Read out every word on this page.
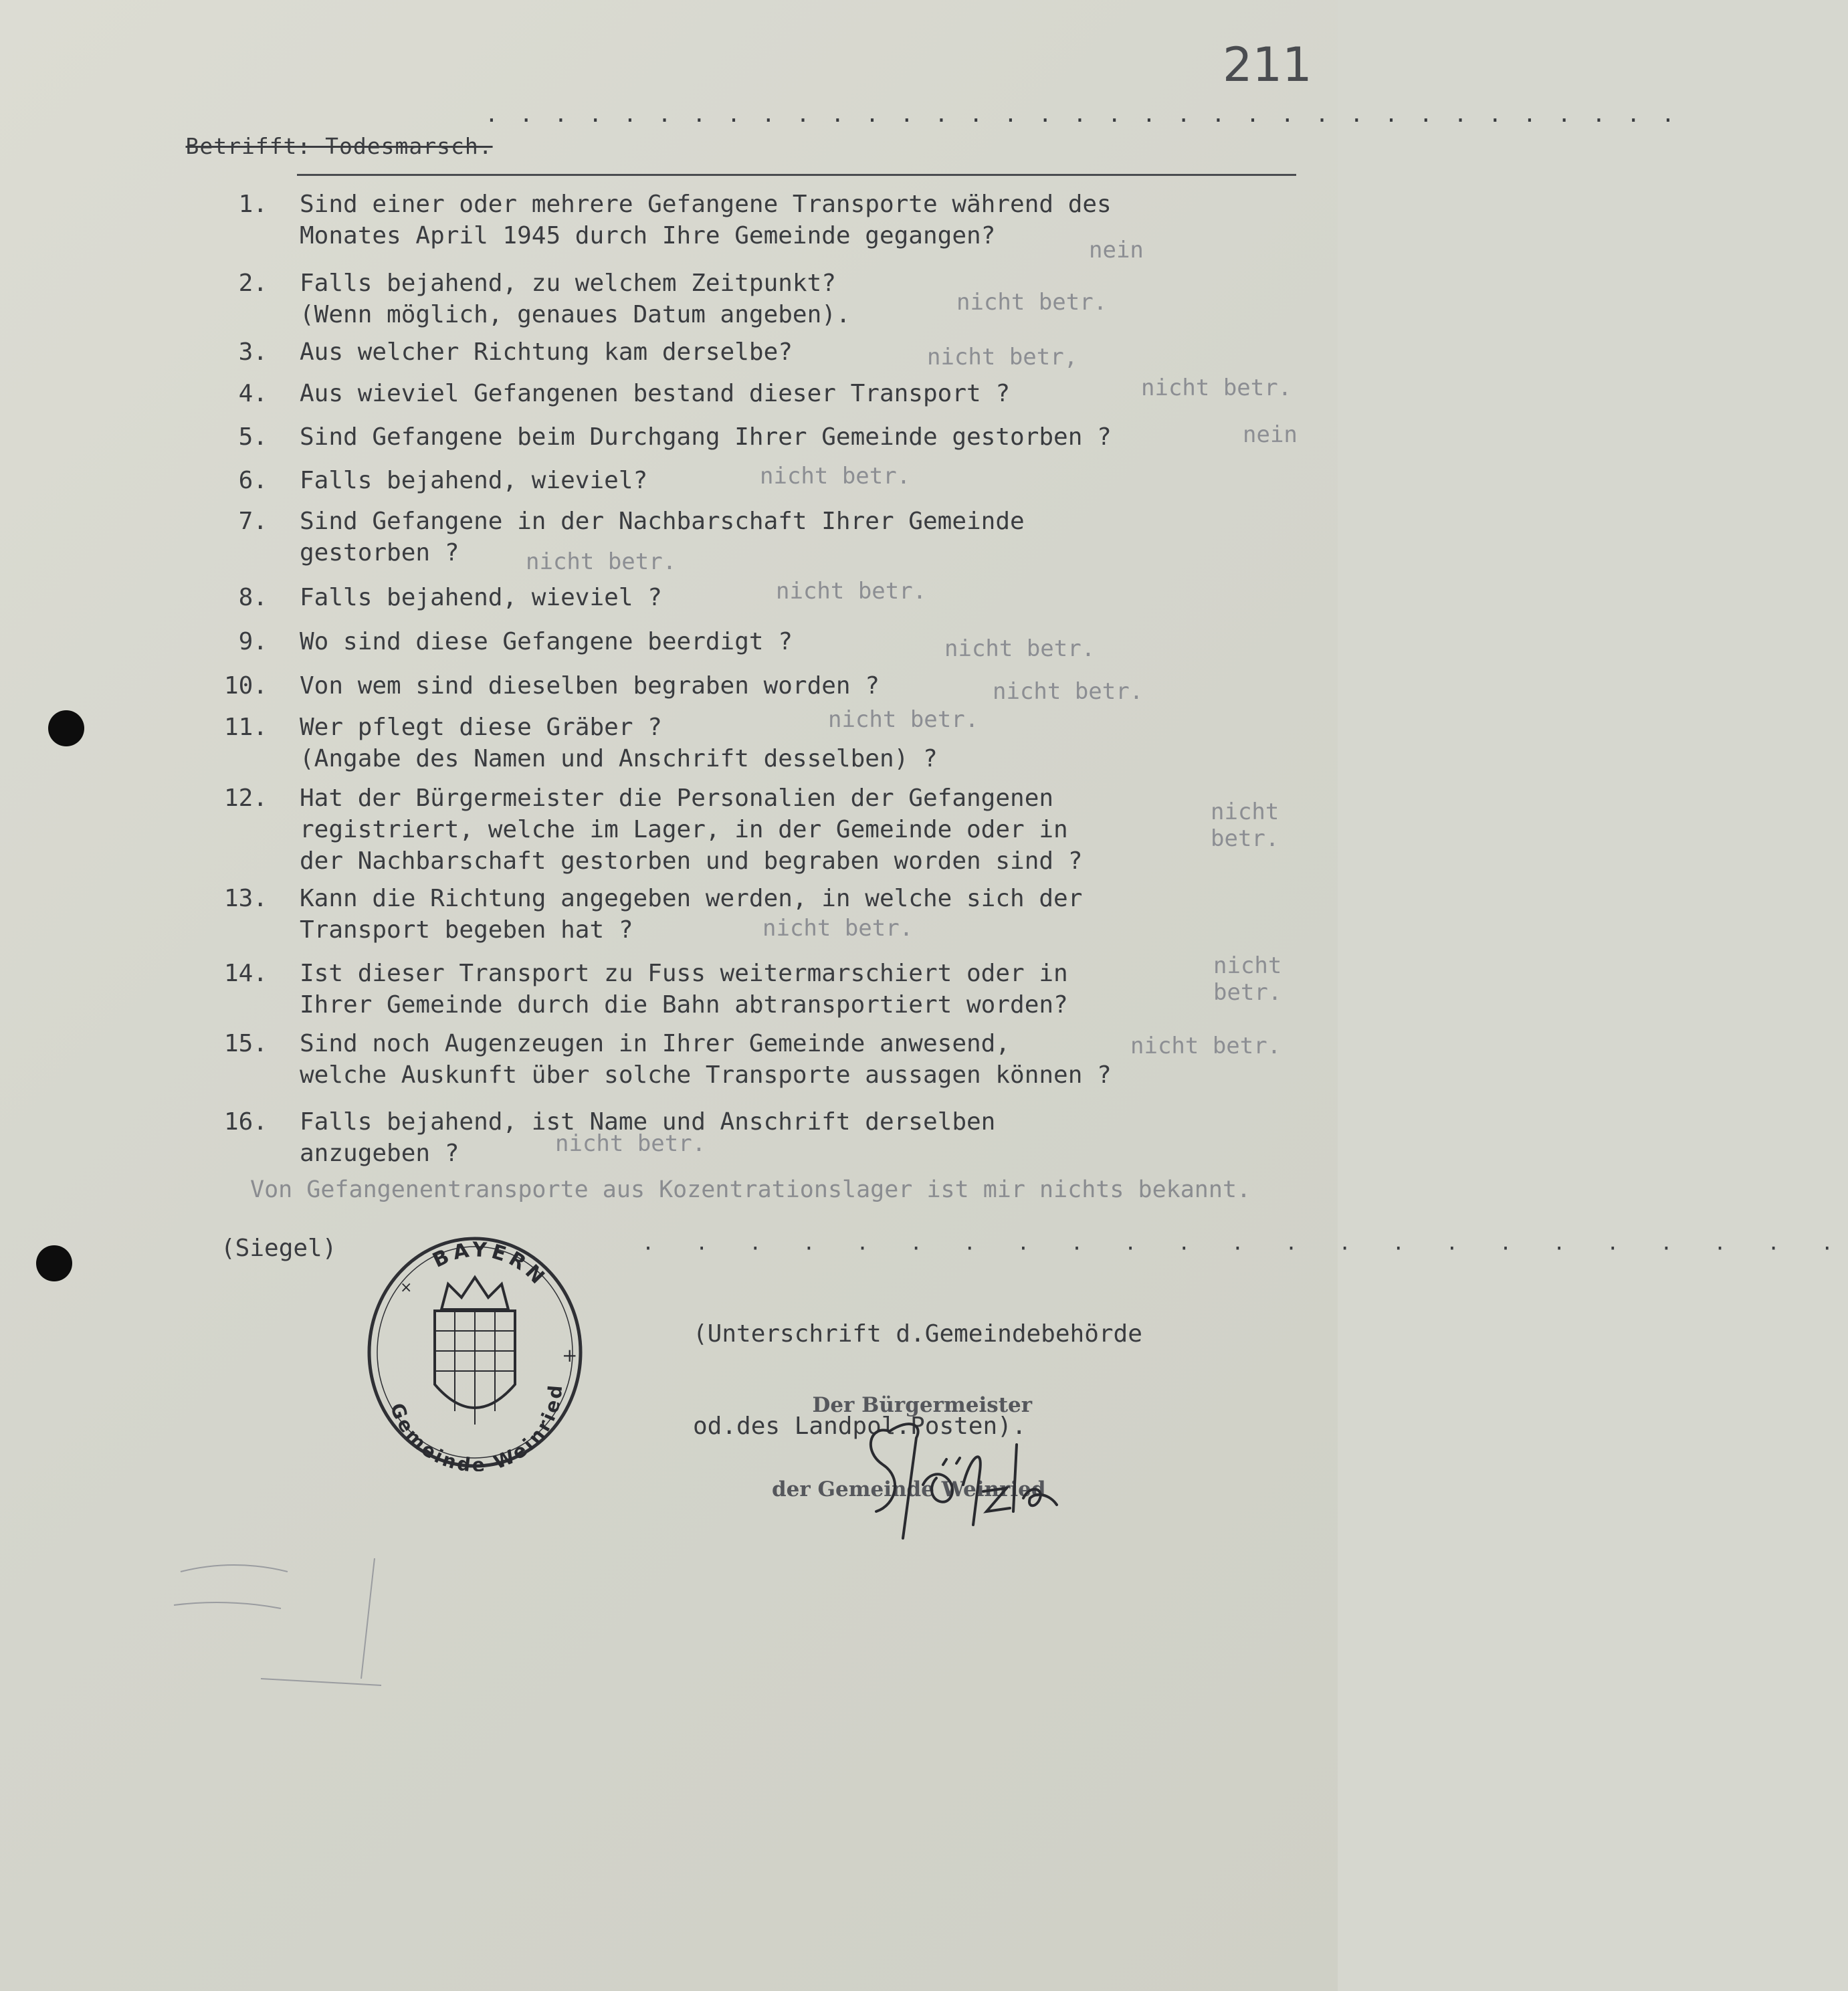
211

Betrifft: Todesmarsch.

· · · · · · · · · · · · · · · · · · · · · · · · · · · · · · · · · · ·
1. Sind einer oder mehrere Gefangene Transporte während des
Monates April 1945 durch Ihre Gemeinde gegangen?
nein
2. Falls bejahend, zu welchem Zeitpunkt?
(Wenn möglich, genaues Datum angeben).	nicht betr.
3. Aus welcher Richtung kam derselbe?	nicht betr,
4. Aus wieviel Gefangenen bestand dieser Transport ?	nicht betr.
5. Sind Gefangene beim Durchgang Ihrer Gemeinde gestorben ?	nein
6. Falls bejahend, wieviel?	nicht betr.
7. Sind Gefangene in der Nachbarschaft Ihrer Gemeinde
gestorben ?	nicht betr.
8. Falls bejahend, wieviel ?	nicht betr.
9. Wo sind diese Gefangene beerdigt ?	nicht betr.
10. Von wem sind dieselben begraben worden ?	nicht betr.
11. Wer pflegt diese Gräber ?
(Angabe des Namen und Anschrift desselben) ?
nicht betr.
12. Hat der Bürgermeister die Personalien der Gefangenen
registriert, welche im Lager, in der Gemeinde oder in
der Nachbarschaft gestorben und begraben worden sind ?
nicht betr.
13. Kann die Richtung angegeben werden, in welche sich der
Transport begeben hat ?	nicht betr.
14. Ist dieser Transport zu Fuss weitermarschiert oder in
Ihrer Gemeinde durch die Bahn abtransportiert worden?
nicht betr.
15. Sind noch Augenzeugen in Ihrer Gemeinde anwesend,
welche Auskunft über solche Transporte aussagen können ?
nicht betr.
16. Falls bejahend, ist Name und Anschrift derselben
anzugeben ?	nicht betr.
Von Gefangenentransporte aus Kozentrationslager ist mir nichts bekannt.
(Siegel)	· · · · · · · · · · · · · · · · · · · · · · ·

(Unterschrift d.Gemeindebehörde

od.des Landpol.Posten).

Der Bürgermeister

der Gemeinde Weinried

BAYERN
Gemeinde Weinried
+
×
